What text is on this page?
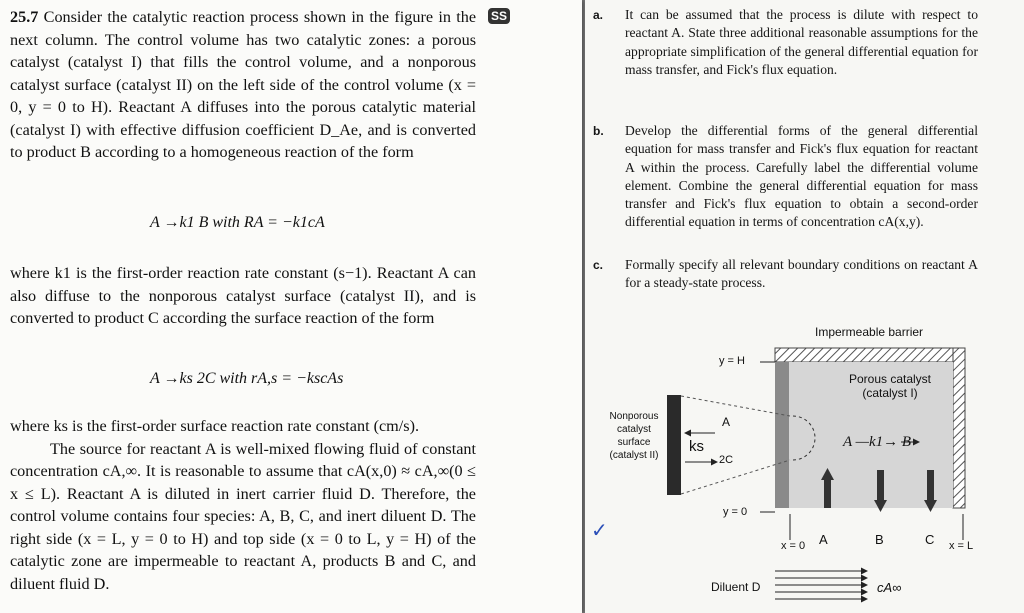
25.7 Consider the catalytic reaction process shown in the figure in the next column. The control volume has two catalytic zones: a porous catalyst (catalyst I) that fills the control volume, and a nonporous catalyst surface (catalyst II) on the left side of the control volume (x = 0, y = 0 to H). Reactant A diffuses into the porous catalytic material (catalyst I) with effective diffusion coefficient D_Ae, and is converted to product B according to a homogeneous reaction of the form

SS
A →k1 B with RA = −k1cA
where k1 is the first-order reaction rate constant (s−1). Reactant A can also diffuse to the nonporous catalyst surface (catalyst II), and is converted to product C according the surface reaction of the form
A →ks 2C with rA,s = −kscAs

where ks is the first-order surface reaction rate constant (cm/s).

The source for reactant A is well-mixed flowing fluid of constant concentration cA,∞. It is reasonable to assume that cA(x,0) ≈ cA,∞(0 ≤ x ≤ L). Reactant A is diluted in inert carrier fluid D. Therefore, the control volume contains four species: A, B, C, and inert diluent D. The right side (x = L, y = 0 to H) and top side (x = 0 to L, y = H) of the catalytic zone are impermeable to reactant A, products B and C, and diluent fluid D.

a. It can be assumed that the process is dilute with respect to reactant A. State three additional reasonable assumptions for the appropriate simplification of the general differential equation for mass transfer, and Fick's flux equation.
b. Develop the differential forms of the general differential equation for mass transfer and Fick's flux equation for reactant A within the process. Carefully label the differential volume element. Combine the general differential equation for mass transfer and Fick's flux equation to obtain a second-order differential equation in terms of concentration cA(x,y).
c. Formally specify all relevant boundary conditions on reactant A for a steady-state process.
Impermeable barrier
Porous catalyst
(catalyst I)
y = H
y = 0
Nonporous
catalyst
surface
(catalyst II)
A
ks
2C
A —k1→ B
x = 0	x = L
A	B	C
Diluent D	cA∞
✓
